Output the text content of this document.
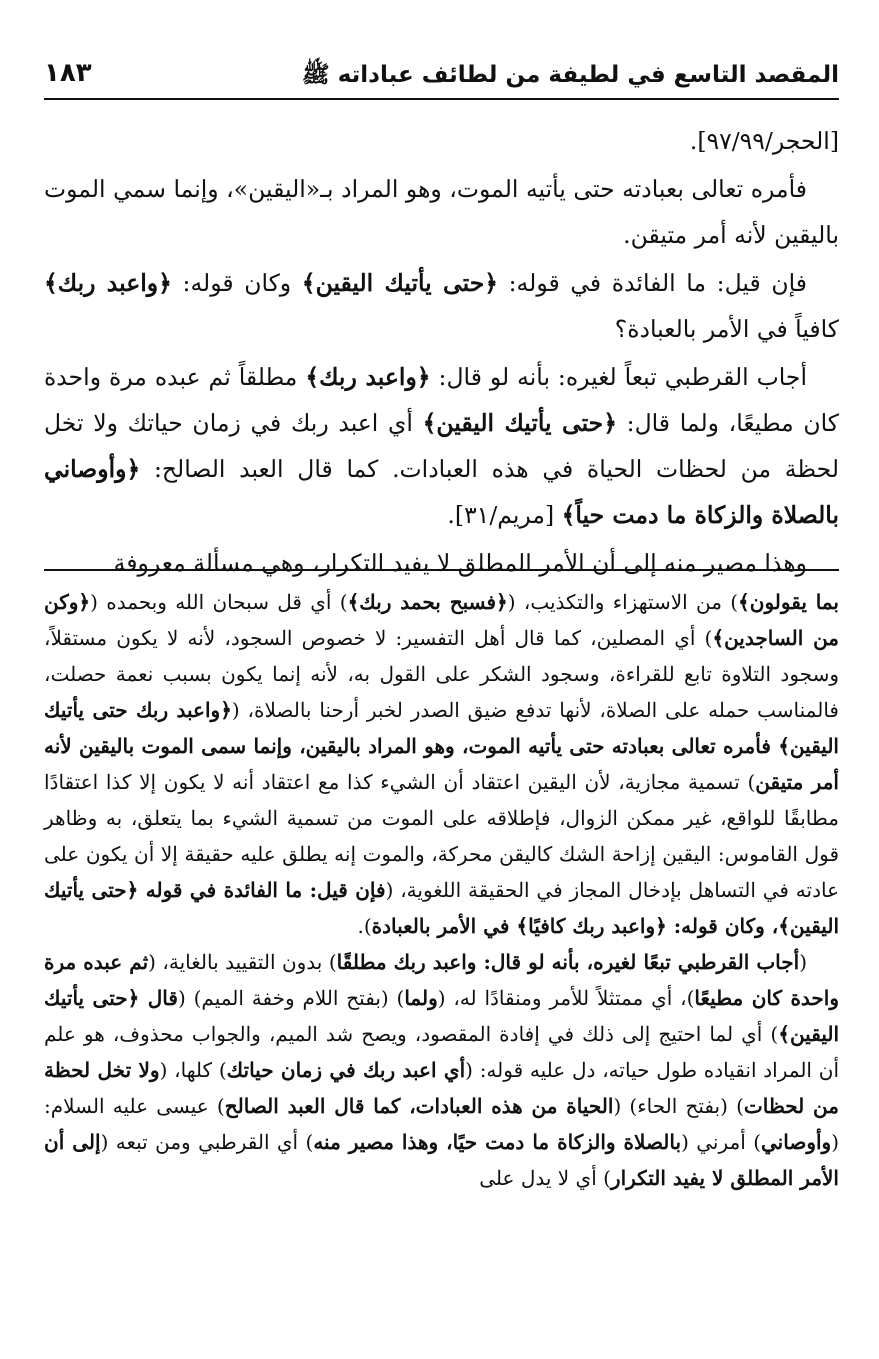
المقصد التاسع في لطيفة من لطائف عباداته ﷺ
١٨٣

[الحجر/٩٧/٩٩].

فأمره تعالى بعبادته حتى يأتيه الموت، وهو المراد بـ«اليقين»، وإنما سمي الموت باليقين لأنه أمر متيقن.

فإن قيل: ما الفائدة في قوله: ﴿حتى يأتيك اليقين﴾ وكان قوله: ﴿واعبد ربك﴾ كافياً في الأمر بالعبادة؟

أجاب القرطبي تبعاً لغيره: بأنه لو قال: ﴿واعبد ربك﴾ مطلقاً ثم عبده مرة واحدة كان مطيعًا، ولما قال: ﴿حتى يأتيك اليقين﴾ أي اعبد ربك في زمان حياتك ولا تخل لحظة من لحظات الحياة في هذه العبادات. كما قال العبد الصالح: ﴿وأوصاني بالصلاة والزكاة ما دمت حياً﴾ [مريم/٣١].

وهذا مصير منه إلى أن الأمر المطلق لا يفيد التكرار، وهي مسألة معروفة

بما يقولون﴾) من الاستهزاء والتكذيب، (﴿فسبح بحمد ربك﴾) أي قل سبحان الله وبحمده (﴿وكن من الساجدين﴾) أي المصلين، كما قال أهل التفسير: لا خصوص السجود، لأنه لا يكون مستقلاً، وسجود التلاوة تابع للقراءة، وسجود الشكر على القول به، لأنه إنما يكون بسبب نعمة حصلت، فالمناسب حمله على الصلاة، لأنها تدفع ضيق الصدر لخبر أرحنا بالصلاة، (﴿واعبد ربك حتى يأتيك اليقين﴾ فأمره تعالى بعبادته حتى يأتيه الموت، وهو المراد باليقين، وإنما سمى الموت باليقين لأنه أمر متيقن) تسمية مجازية، لأن اليقين اعتقاد أن الشيء كذا مع اعتقاد أنه لا يكون إلا كذا اعتقادًا مطابقًا للواقع، غير ممكن الزوال، فإطلاقه على الموت من تسمية الشيء بما يتعلق، به وظاهر قول القاموس: اليقين إزاحة الشك كاليقن محركة، والموت إنه يطلق عليه حقيقة إلا أن يكون على عادته في التساهل بإدخال المجاز في الحقيقة اللغوية، (فإن قيل: ما الفائدة في قوله ﴿حتى يأتيك اليقين﴾، وكان قوله: ﴿واعبد ربك كافيًا﴾ في الأمر بالعبادة).

(أجاب القرطبي تبعًا لغيره، بأنه لو قال: واعبد ربك مطلقًا) بدون التقييد بالغاية، (ثم عبده مرة واحدة كان مطيعًا)، أي ممتثلاً للأمر ومنقادًا له، (ولما) (بفتح اللام وخفة الميم) (قال ﴿حتى يأتيك اليقين﴾) أي لما احتيج إلى ذلك في إفادة المقصود، ويصح شد الميم، والجواب محذوف، هو علم أن المراد انقياده طول حياته، دل عليه قوله: (أي اعبد ربك في زمان حياتك) كلها، (ولا تخل لحظة من لحظات) (بفتح الحاء) (الحياة من هذه العبادات، كما قال العبد الصالح) عيسى عليه السلام: (وأوصاني) أمرني (بالصلاة والزكاة ما دمت حيًا، وهذا مصير منه) أي القرطبي ومن تبعه (إلى أن الأمر المطلق لا يفيد التكرار) أي لا يدل على
